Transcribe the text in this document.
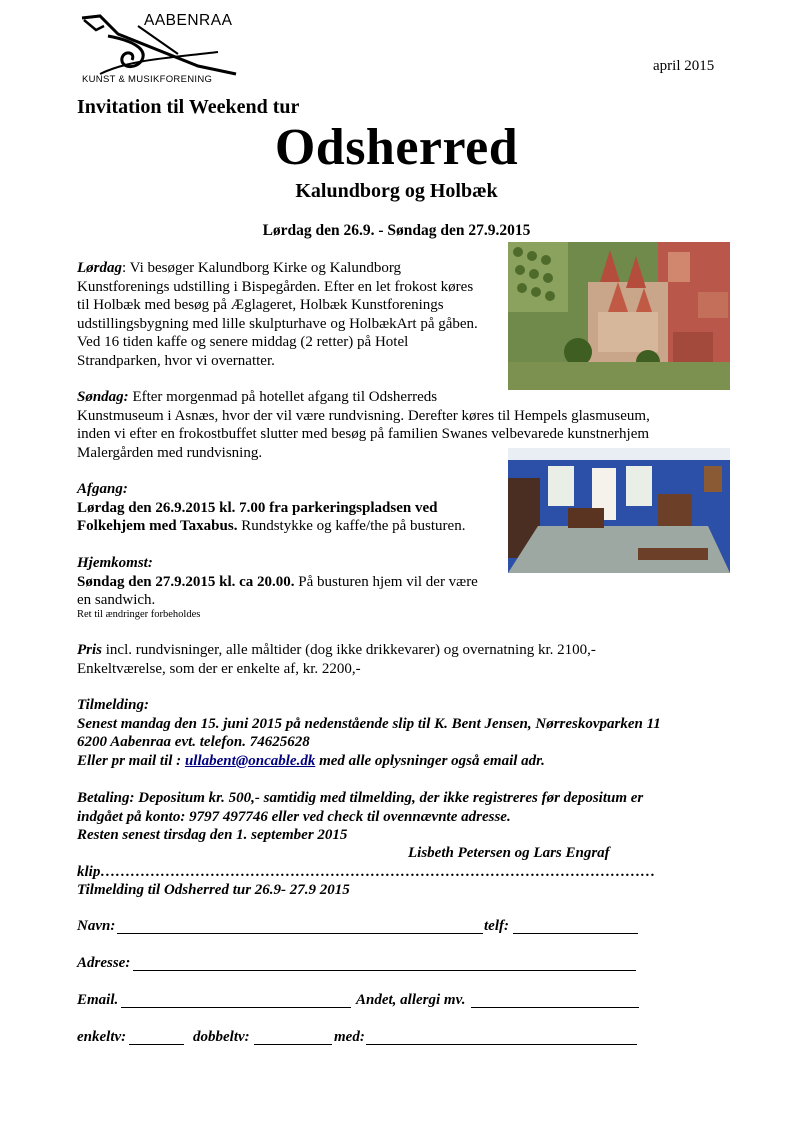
AABENRAA
KUNST & MUSIKFORENING
april 2015
Invitation til Weekend tur
Odsherred
Kalundborg og Holbæk
Lørdag den 26.9. - Søndag den 27.9.2015
Lørdag: Vi besøger Kalundborg Kirke og Kalundborg
Kunstforenings udstilling i Bispegården. Efter en let frokost køres
til Holbæk med besøg på Æglageret, Holbæk Kunstforenings
udstillingsbygning med lille skulpturhave og HolbækArt på gåben.
Ved 16 tiden kaffe og senere middag (2 retter) på Hotel
Strandparken, hvor vi overnatter.
Søndag: Efter morgenmad på hotellet afgang til Odsherreds
Kunstmuseum i Asnæs, hvor der vil være rundvisning. Derefter køres til Hempels glasmuseum,
inden vi efter en frokostbuffet slutter med besøg på familien Swanes velbevarede kunstnerhjem
Malergården med rundvisning.
Afgang:
Lørdag den 26.9.2015 kl. 7.00 fra parkeringspladsen ved
Folkehjem med Taxabus. Rundstykke og kaffe/the på busturen.
Hjemkomst:
Søndag den 27.9.2015 kl. ca 20.00. På busturen hjem vil der være
en sandwich.
Ret til ændringer forbeholdes
Pris incl. rundvisninger, alle måltider (dog ikke drikkevarer) og overnatning kr. 2100,-
Enkeltværelse, som der er enkelte af, kr. 2200,-
Tilmelding:
Senest mandag den 15. juni 2015 på nedenstående slip til K. Bent Jensen, Nørreskovparken 11
6200 Aabenraa evt. telefon. 74625628
Eller pr mail til : ullabent@oncable.dk med alle oplysninger også email adr.
Betaling: Depositum kr. 500,- samtidig med tilmelding, der ikke registreres før depositum er
indgået på konto: 9797 497746 eller ved check til ovennævnte adresse.
Resten senest tirsdag den 1. september 2015
Lisbeth Petersen og Lars Engraf
klip…………………………………………………………………………………………………
Tilmelding til Odsherred tur 26.9- 27.9 2015
Navn:	telf:
Adresse:
Email.	Andet, allergi mv.
enkeltv:	dobbeltv:	med:
